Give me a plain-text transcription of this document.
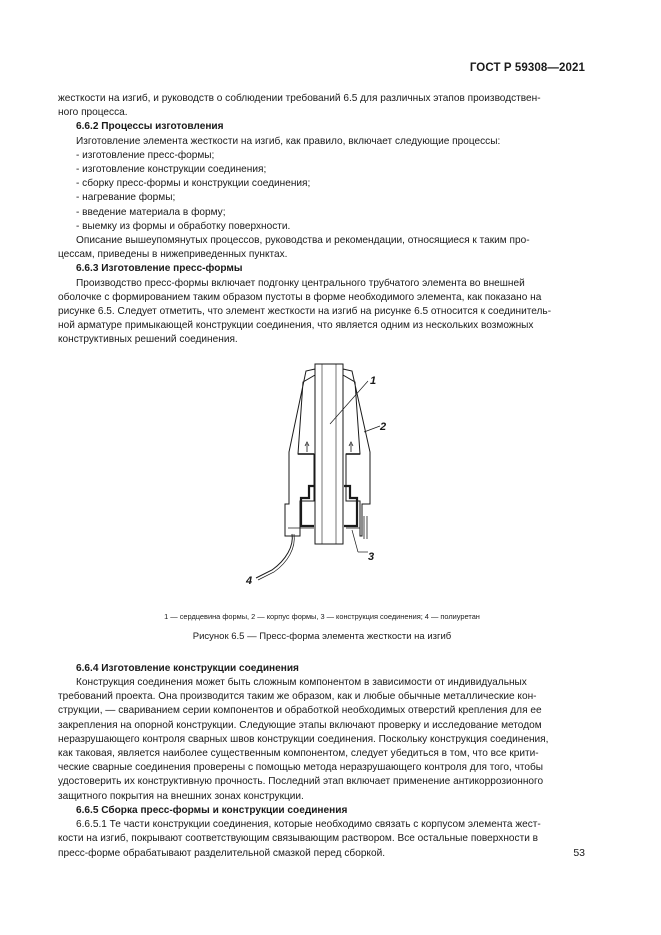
ГОСТ Р 59308—2021

жесткости на изгиб, и руководств о соблюдении требований 6.5 для различных этапов производствен-

ного процесса.

6.6.2 Процессы изготовления

Изготовление элемента жесткости на изгиб, как правило, включает следующие процессы:

- изготовление пресс-формы;

- изготовление конструкции соединения;

- сборку пресс-формы и конструкции соединения;

- нагревание формы;

- введение материала в форму;

- выемку из формы и обработку поверхности.

Описание вышеупомянутых процессов, руководства и рекомендации, относящиеся к таким про-

цессам, приведены в нижеприведенных пунктах.

6.6.3 Изготовление пресс-формы

Производство пресс-формы включает подгонку центрального трубчатого элемента во внешней

оболочке с формированием таким образом пустоты в форме необходимого элемента, как показано на

рисунке 6.5. Следует отметить, что элемент жесткости на изгиб на рисунке 6.5 относится к соединитель-

ной арматуре примыкающей конструкции соединения, что является одним из нескольких возможных

конструктивных решений соединения.

1
2
3
4

1 — сердцевина формы, 2 — корпус формы, 3 — конструкция соединения; 4 — полиуретан

Рисунок 6.5 — Пресс-форма элемента жесткости на изгиб

6.6.4 Изготовление конструкции соединения

Конструкция соединения может быть сложным компонентом в зависимости от индивидуальных

требований проекта. Она производится таким же образом, как и любые обычные металлические кон-

струкции, — свариванием серии компонентов и обработкой необходимых отверстий крепления для ее

закрепления на опорной конструкции. Следующие этапы включают проверку и исследование методом

неразрушающего контроля сварных швов конструкции соединения. Поскольку конструкция соединения,

как таковая, является наиболее существенным компонентом, следует убедиться в том, что все крити-

ческие сварные соединения проверены с помощью метода неразрушающего контроля для того, чтобы

удостоверить их конструктивную прочность. Последний этап включает применение антикоррозионного

защитного покрытия на внешних зонах конструкции.

6.6.5 Сборка пресс-формы и конструкции соединения

6.6.5.1 Те части конструкции соединения, которые необходимо связать с корпусом элемента жест-

кости на изгиб, покрывают соответствующим связывающим раствором. Все остальные поверхности в

пресс-форме обрабатывают разделительной смазкой перед сборкой.	53
